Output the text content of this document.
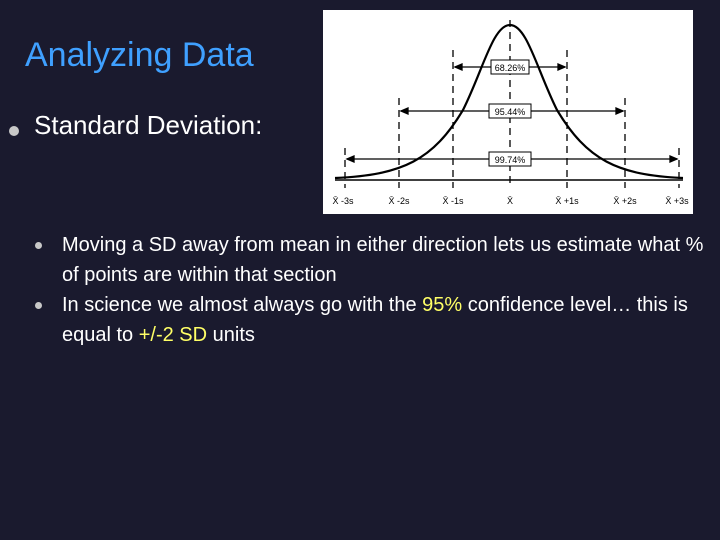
Analyzing Data
Standard Deviation:
68.26%
95.44%
99.74%
X̄ -3s	X̄ -2s	X̄ -1s	X̄	X̄ +1s	X̄ +2s	X̄ +3s
Moving a SD away from mean in either direction lets us estimate what % of points are within that section
In science we almost always go with the 95% confidence level… this is equal to +/-2 SD units
